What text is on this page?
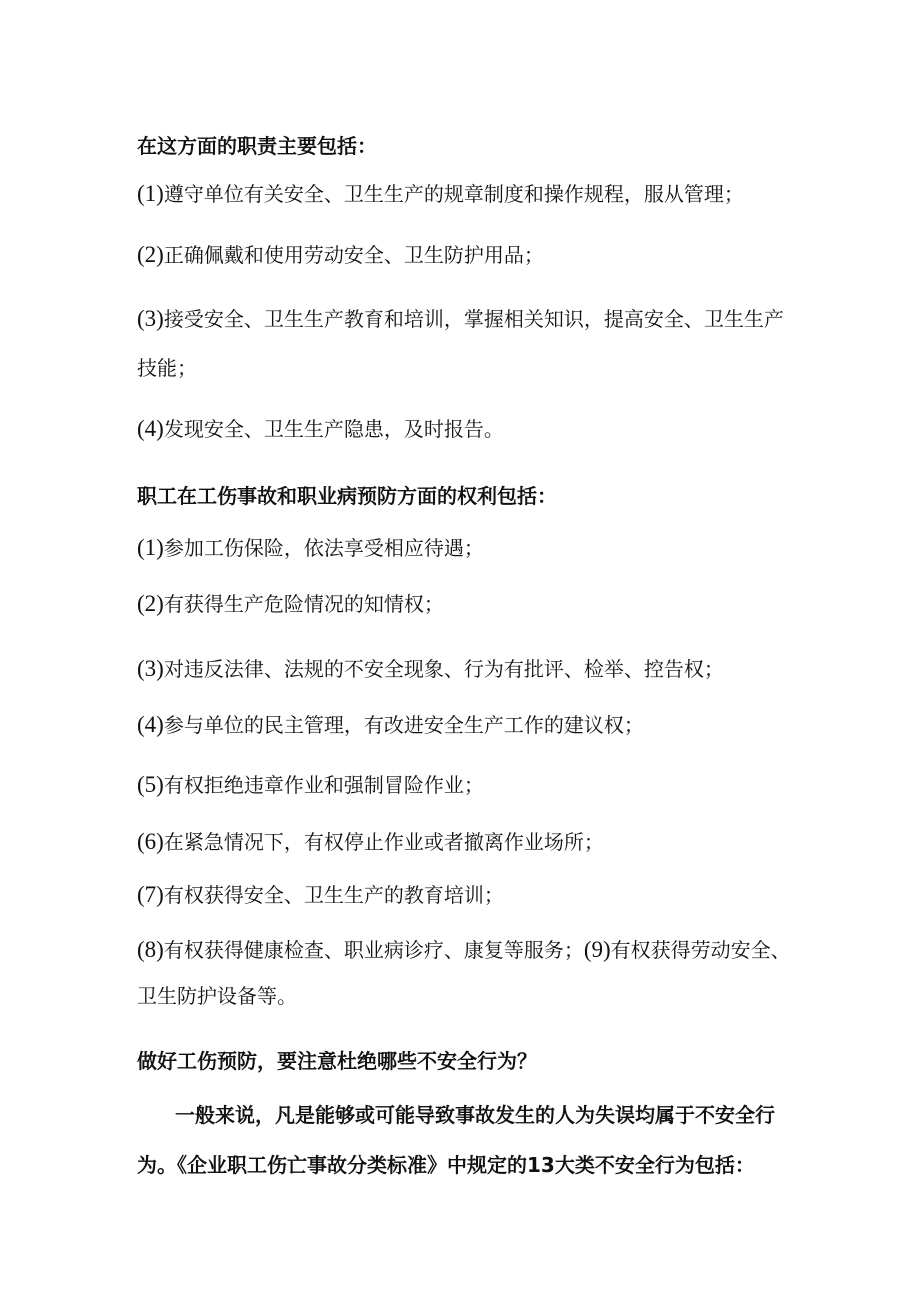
在这方面的职责主要包括：

(1)遵守单位有关安全、卫生生产的规章制度和操作规程，服从管理；

(2)正确佩戴和使用劳动安全、卫生防护用品；

(3)接受安全、卫生生产教育和培训，掌握相关知识，提高安全、卫生生产

技能；

(4)发现安全、卫生生产隐患，及时报告。

职工在工伤事故和职业病预防方面的权利包括：

(1)参加工伤保险，依法享受相应待遇；

(2)有获得生产危险情况的知情权；

(3)对违反法律、法规的不安全现象、行为有批评、检举、控告权；

(4)参与单位的民主管理，有改进安全生产工作的建议权；

(5)有权拒绝违章作业和强制冒险作业；

(6)在紧急情况下，有权停止作业或者撤离作业场所；

(7)有权获得安全、卫生生产的教育培训；

(8)有权获得健康检查、职业病诊疗、康复等服务；(9)有权获得劳动安全、

卫生防护设备等。

做好工伤预防，要注意杜绝哪些不安全行为？

一般来说，凡是能够或可能导致事故发生的人为失误均属于不安全行

为。《企业职工伤亡事故分类标准》中规定的13大类不安全行为包括：
